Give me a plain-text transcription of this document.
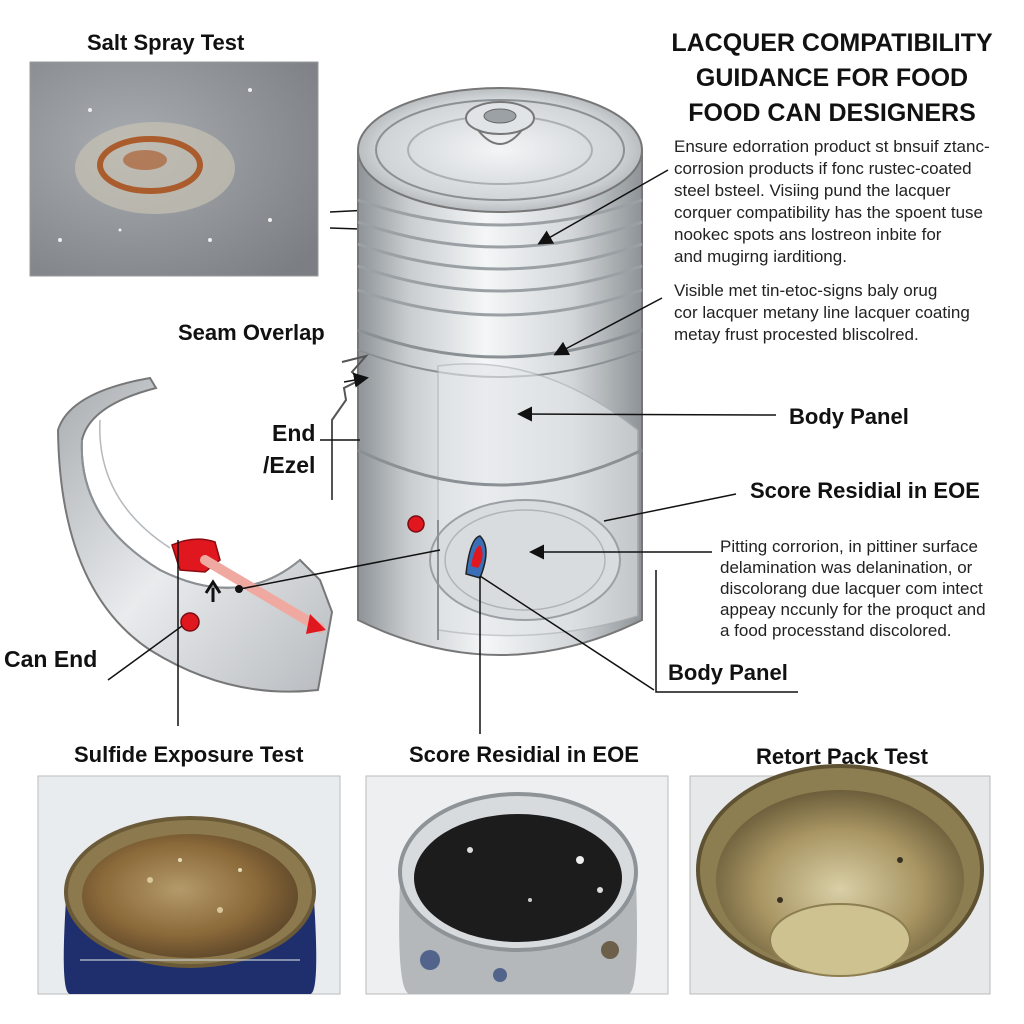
LACQUER COMPATIBILITY
GUIDANCE FOR FOOD
FOOD CAN DESIGNERS
Ensure edorration product st bnsuif ztanc-
corrosion products if fonc rustec-coated
steel bsteel. Visiing pund the lacquer
corquer compatibility has the spoent tuse
nookec spots ans lostreon inbite for
and mugirng iarditiong.
Visible met tin-etoc-signs baly orug
cor lacquer metany line lacquer coating
metay frust procested bliscolred.
Pitting corrorion, in pittiner surface
delamination was delanination, or
discolorang due lacquer com intect
appeay nccunly for the proquct and
a food processtand discolored.
Salt Spray Test
Seam Overlap
End
/Ezel
Body Panel
Score Residial in EOE
Body Panel
Can End
Sulfide Exposure Test	Score Residial in EOE	Retort Pack Test
